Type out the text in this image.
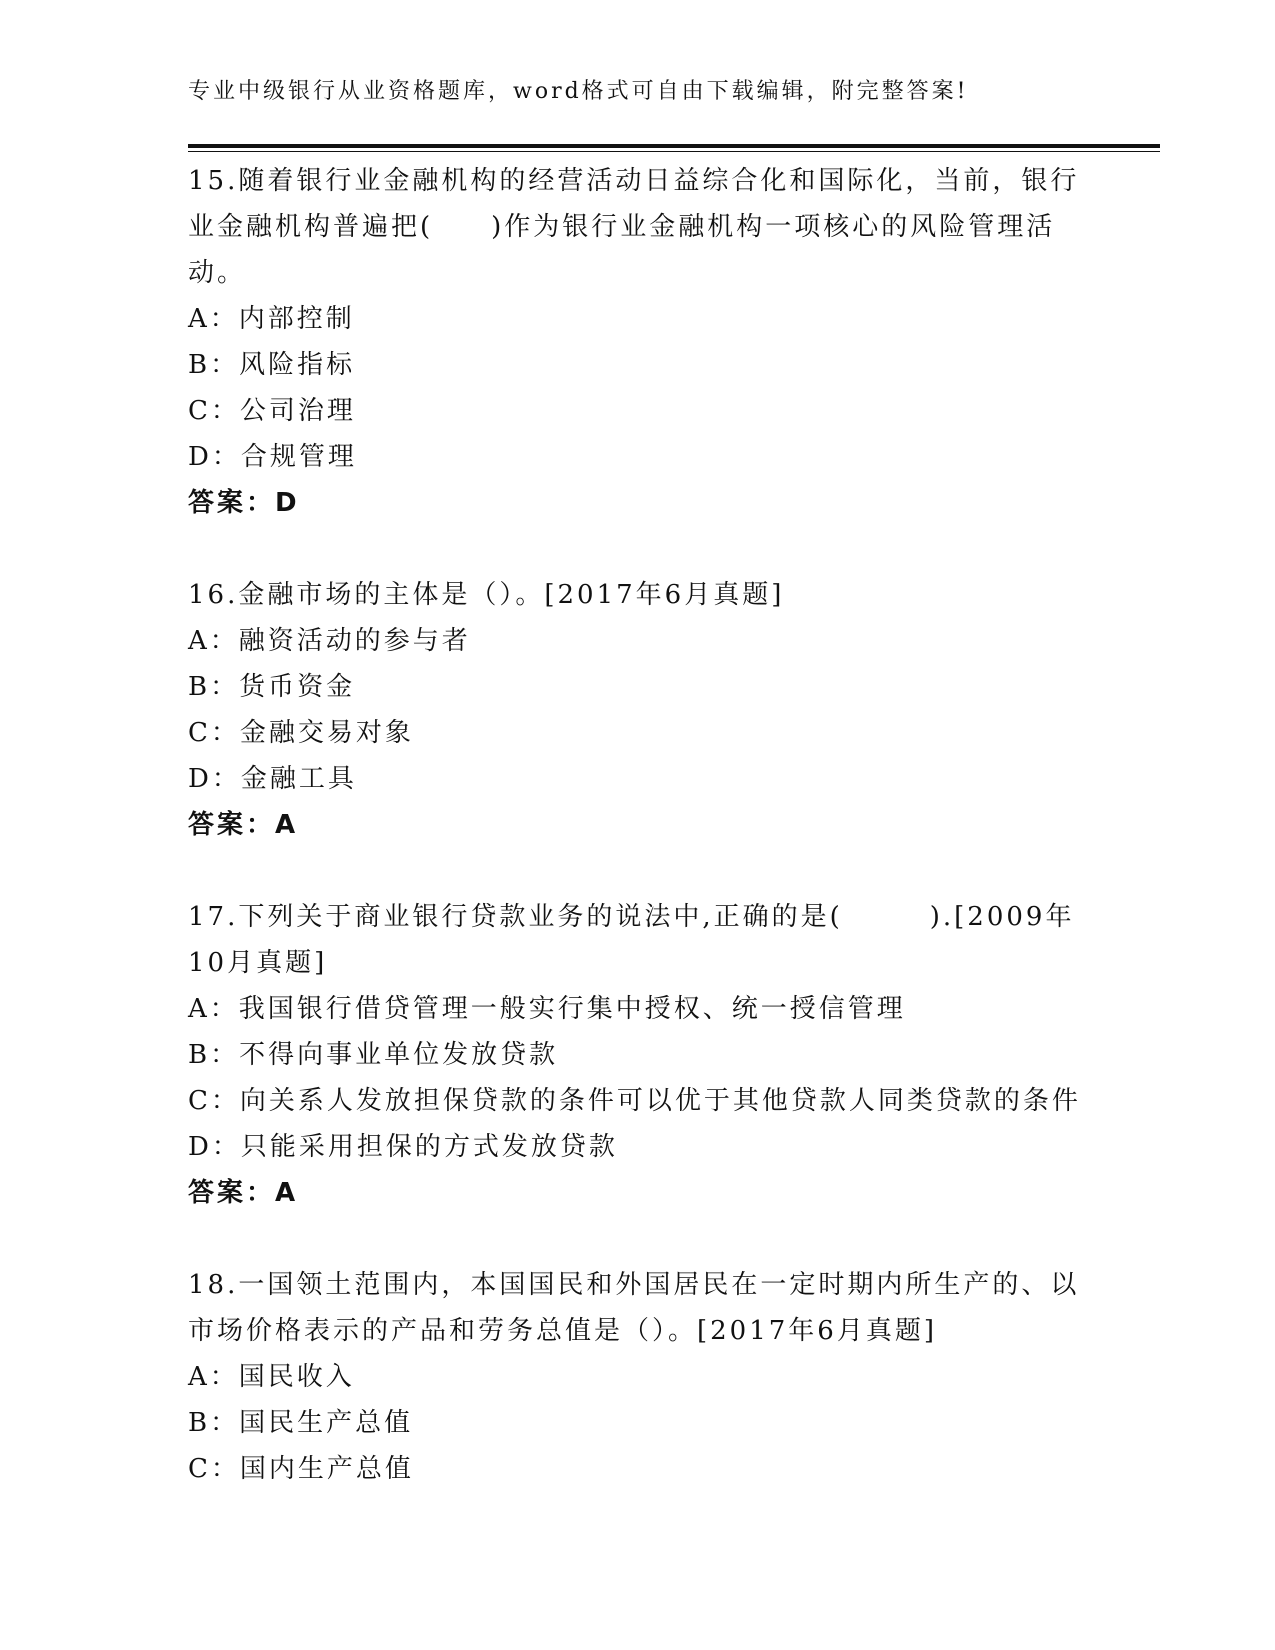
专业中级银行从业资格题库，word格式可自由下载编辑，附完整答案!

15.随着银行业金融机构的经营活动日益综合化和国际化，当前，银行业金融机构普遍把(　　)作为银行业金融机构一项核心的风险管理活动。

A：内部控制

B：风险指标

C：公司治理

D：合规管理

答案：D

16.金融市场的主体是（）。[2017年6月真题]

A：融资活动的参与者

B：货币资金

C：金融交易对象

D：金融工具

答案：A

17.下列关于商业银行贷款业务的说法中,正确的是(　　　).[2009年10月真题]

A：我国银行借贷管理一般实行集中授权、统一授信管理

B：不得向事业单位发放贷款

C：向关系人发放担保贷款的条件可以优于其他贷款人同类贷款的条件

D：只能采用担保的方式发放贷款

答案：A

18.一国领土范围内，本国国民和外国居民在一定时期内所生产的、以市场价格表示的产品和劳务总值是（）。[2017年6月真题]

A：国民收入

B：国民生产总值

C：国内生产总值
